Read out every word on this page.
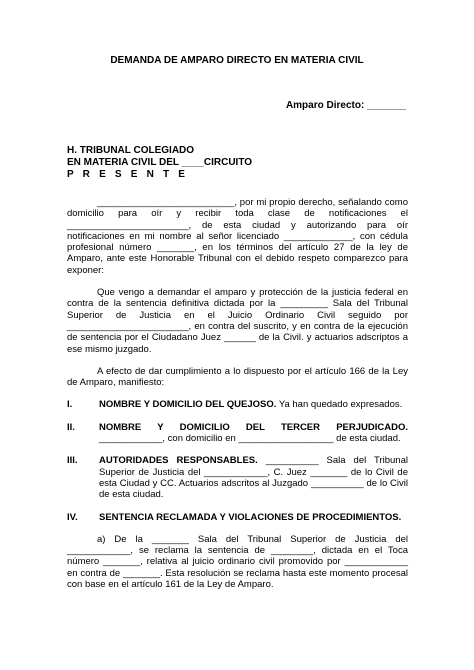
DEMANDA DE AMPARO DIRECTO EN MATERIA CIVIL
Amparo Directo: _______
H. TRIBUNAL COLEGIADO
EN MATERIA CIVIL DEL ____CIRCUITO
P R E S E N T E

__________________________, por mi propio derecho, señalando como domicilio para oír y recibir toda clase de notificaciones el _______________________, de esta ciudad y autorizando para oír notificaciones en mi nombre al señor licenciado _____________, con cédula profesional número _______, en los términos del artículo 27 de la ley de Amparo, ante este Honorable Tribunal con el debido respeto comparezco para exponer:

Que vengo a demandar el amparo y protección de la justicia federal en contra de la sentencia definitiva dictada por la _________ Sala del Tribunal Superior de Justicia en el Juicio Ordinario Civil seguido por _______________________, en contra del suscrito, y en contra de la ejecución de sentencia por el Ciudadano Juez ______ de la Civil. y actuarios adscriptos a ese mismo juzgado.

A efecto de dar cumplimiento a lo dispuesto por el artículo 166 de la Ley de Amparo, manifiesto:

I.	NOMBRE Y DOMICILIO DEL QUEJOSO. Ya han quedado expresados.
II.	NOMBRE Y DOMICILIO DEL TERCER PERJUDICADO. ____________, con domicilio en __________________ de esta ciudad.
III.	AUTORIDADES RESPONSABLES. __________ Sala del Tribunal Superior de Justicia del ____________, C. Juez _______ de lo Civil de esta Ciudad y CC. Actuarios adscritos al Juzgado __________ de lo Civil de esta ciudad.
IV.	SENTENCIA RECLAMADA Y VIOLACIONES DE PROCEDIMIENTOS.

a) De la _______ Sala del Tribunal Superior de Justicia del ____________, se reclama la sentencia de ________, dictada en el Toca número _______, relativa al juicio ordinario civil promovido por ____________ en contra de _______. Esta resolución se reclama hasta este momento procesal con base en el artículo 161 de la Ley de Amparo.
